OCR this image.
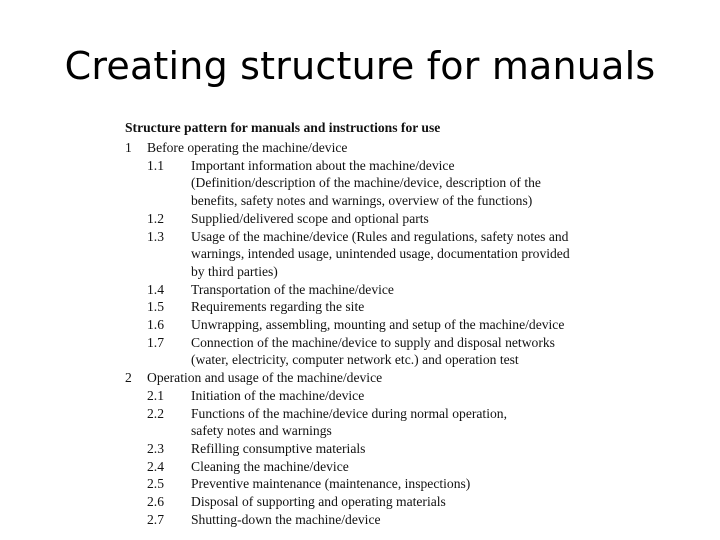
Creating structure for manuals
Structure pattern for manuals and instructions for use
1	Before operating the machine/device
1.1	Important information about the machine/device
(Definition/description of the machine/device, description of the
benefits, safety notes and warnings, overview of the functions)
1.2	Supplied/delivered scope and optional parts
1.3	Usage of the machine/device (Rules and regulations, safety notes and
warnings, intended usage, unintended usage, documentation provided
by third parties)
1.4	Transportation of the machine/device
1.5	Requirements regarding the site
1.6	Unwrapping, assembling, mounting and setup of the machine/device
1.7	Connection of the machine/device to supply and disposal networks
(water, electricity, computer network etc.) and operation test
2	Operation and usage of the machine/device
2.1	Initiation of the machine/device
2.2	Functions of the machine/device during normal operation,
safety notes and warnings
2.3	Refilling consumptive materials
2.4	Cleaning the machine/device
2.5	Preventive maintenance (maintenance, inspections)
2.6	Disposal of supporting and operating materials
2.7	Shutting-down the machine/device
